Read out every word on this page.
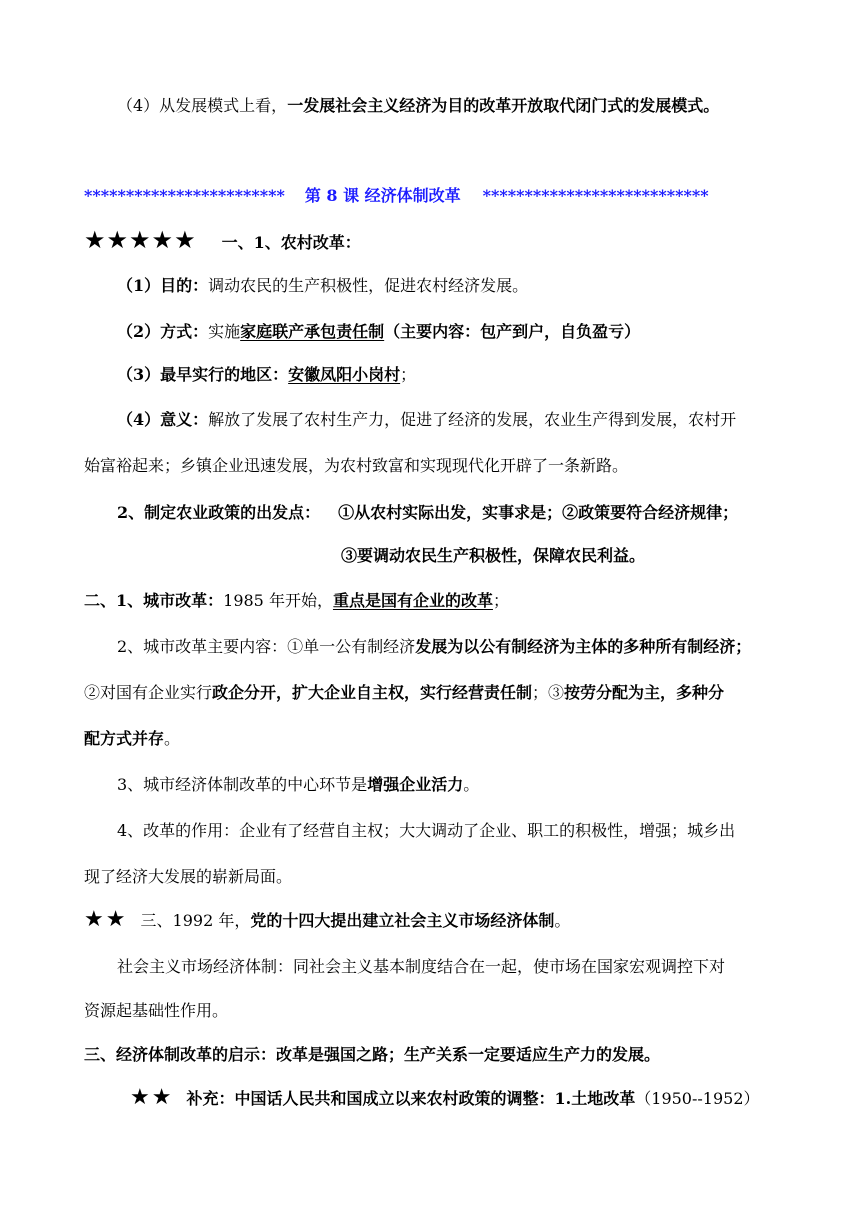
（4）从发展模式上看，一发展社会主义经济为目的改革开放取代闭门式的发展模式。
************************ 第 8 课 经济体制改革 ***************************
★★★★★ 一、1、农村改革：
（1）目的：调动农民的生产积极性，促进农村经济发展。
（2）方式：实施家庭联产承包责任制（主要内容：包产到户，自负盈亏）
（3）最早实行的地区：安徽凤阳小岗村；
（4）意义：解放了发展了农村生产力，促进了经济的发展，农业生产得到发展，农村开
始富裕起来；乡镇企业迅速发展，为农村致富和实现现代化开辟了一条新路。
2、制定农业政策的出发点： ①从农村实际出发，实事求是；②政策要符合经济规律；
③要调动农民生产积极性，保障农民利益。
二、1、城市改革：1985 年开始，重点是国有企业的改革；
2、城市改革主要内容：①单一公有制经济发展为以公有制经济为主体的多种所有制经济；
②对国有企业实行政企分开，扩大企业自主权，实行经营责任制；③按劳分配为主，多种分
配方式并存。
3、城市经济体制改革的中心环节是增强企业活力。
4、改革的作用：企业有了经营自主权；大大调动了企业、职工的积极性，增强；城乡出
现了经济大发展的崭新局面。
★★ 三、1992 年，党的十四大提出建立社会主义市场经济体制。
社会主义市场经济体制：同社会主义基本制度结合在一起，使市场在国家宏观调控下对
资源起基础性作用。
三、经济体制改革的启示：改革是强国之路；生产关系一定要适应生产力的发展。
★★ 补充：中国话人民共和国成立以来农村政策的调整：1.土地改革（1950--1952）
